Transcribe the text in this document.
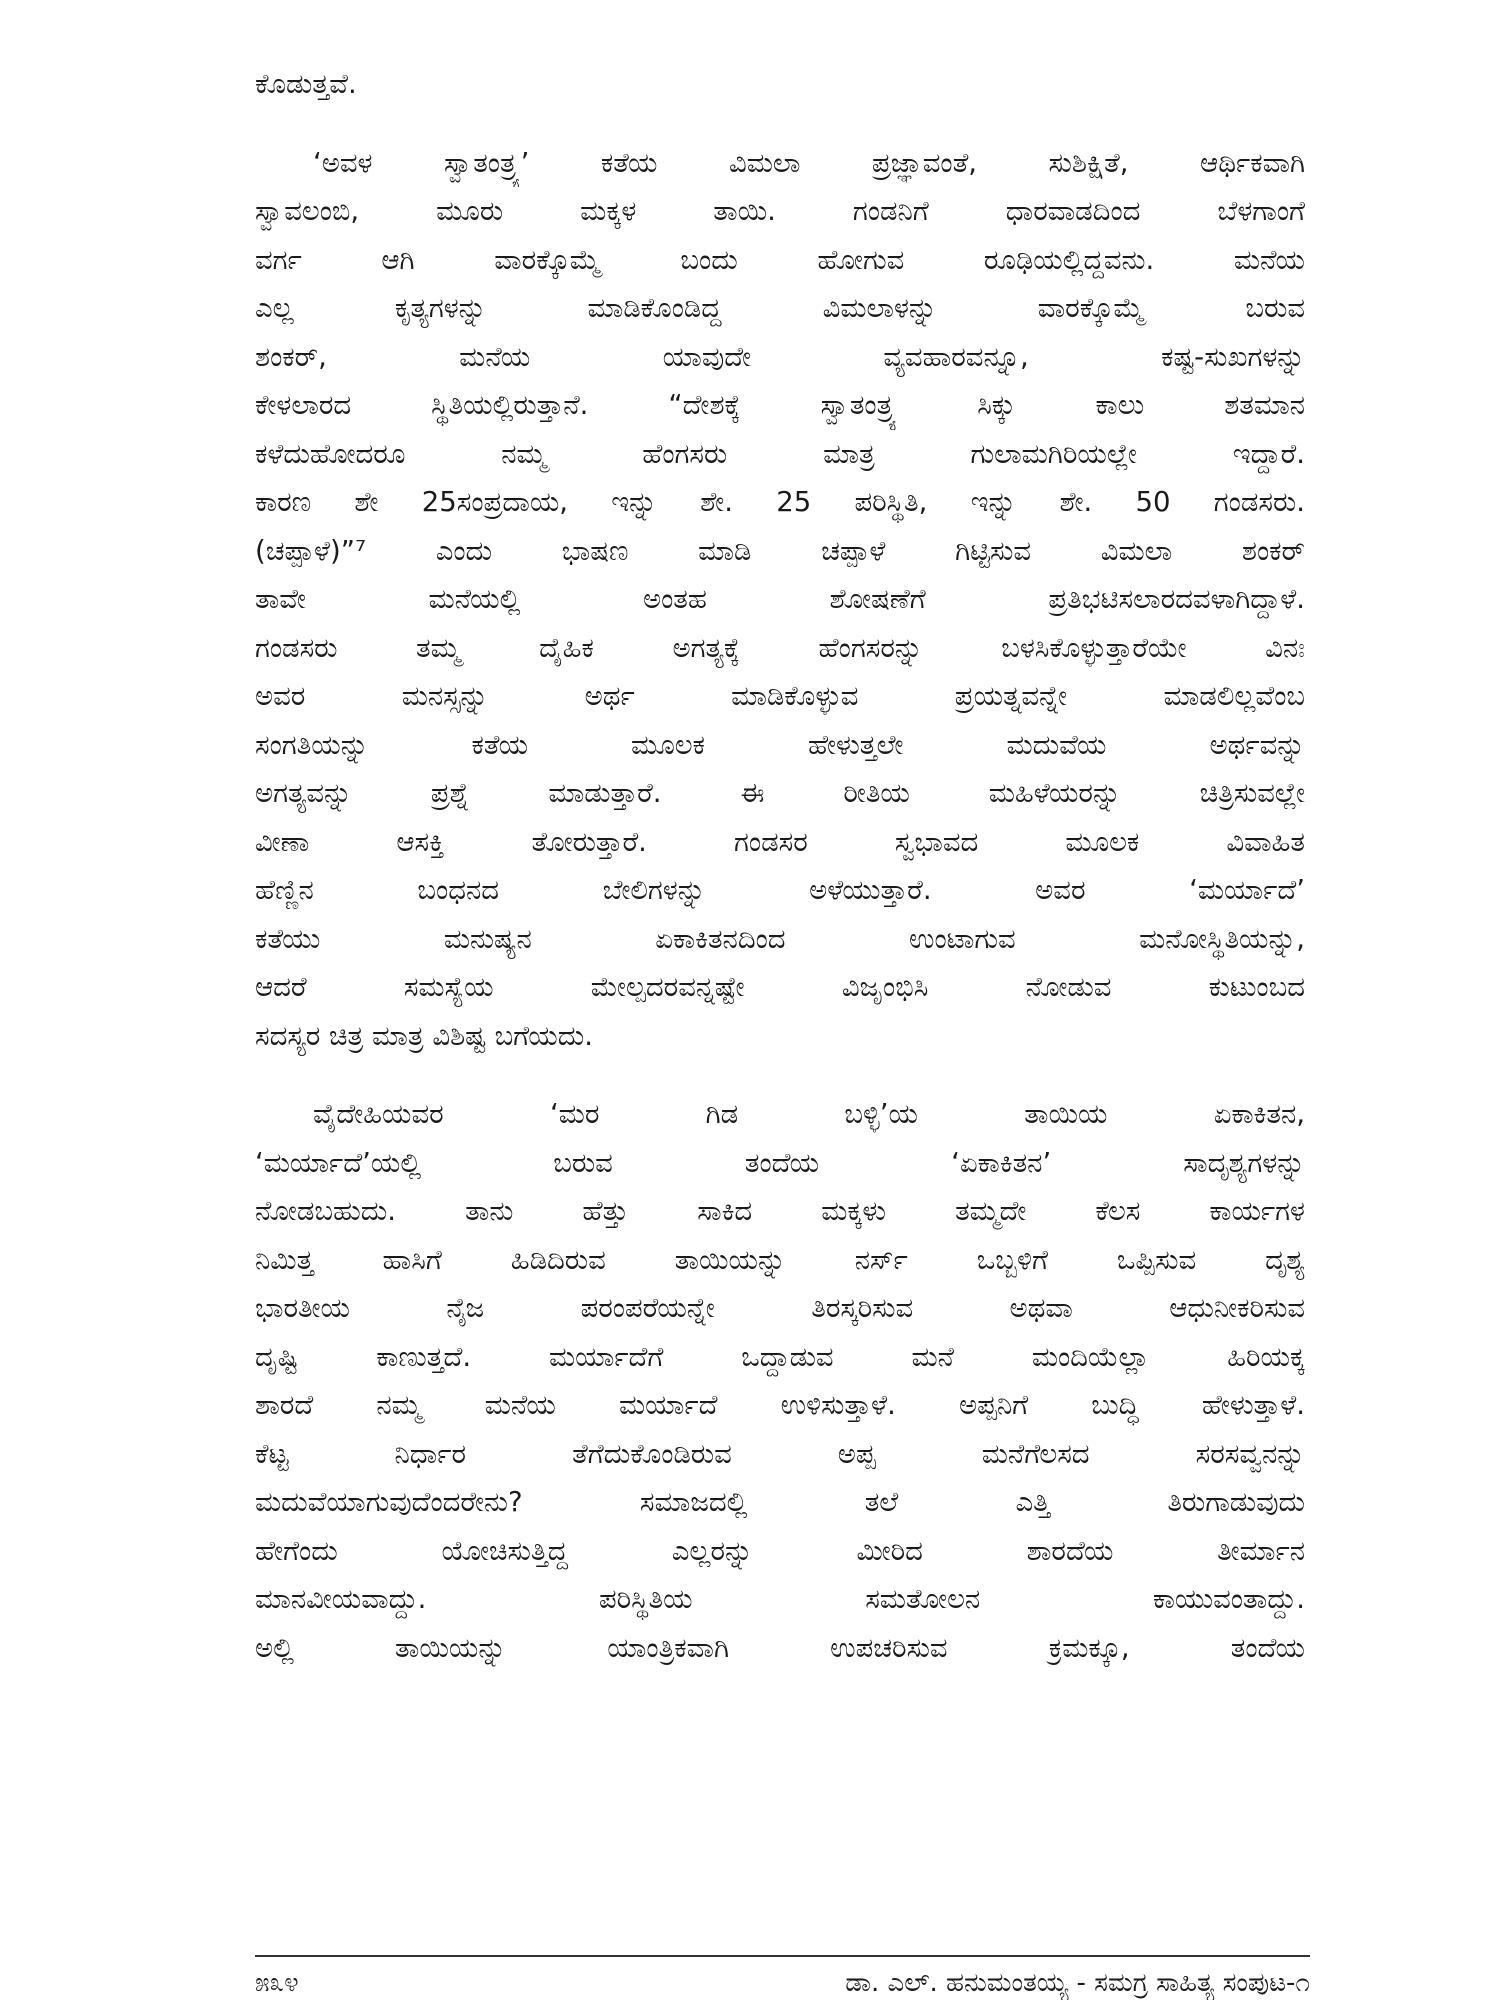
ಕೊಡುತ್ತವೆ.
‘ಅವಳ ಸ್ವಾತಂತ್ರ್ಯ’ ಕತೆಯ ವಿಮಲಾ ಪ್ರಜ್ಞಾವಂತೆ, ಸುಶಿಕ್ಷಿತೆ, ಆರ್ಥಿಕವಾಗಿ
ಸ್ವಾವಲಂಬಿ, ಮೂರು ಮಕ್ಕಳ ತಾಯಿ. ಗಂಡನಿಗೆ ಧಾರವಾಡದಿಂದ ಬೆಳಗಾಂಗೆ
ವರ್ಗ ಆಗಿ ವಾರಕ್ಕೊಮ್ಮೆ ಬಂದು ಹೋಗುವ ರೂಢಿಯಲ್ಲಿದ್ದವನು. ಮನೆಯ
ಎಲ್ಲ ಕೃತ್ಯಗಳನ್ನು ಮಾಡಿಕೊಂಡಿದ್ದ ವಿಮಲಾಳನ್ನು ವಾರಕ್ಕೊಮ್ಮೆ ಬರುವ
ಶಂಕರ್, ಮನೆಯ ಯಾವುದೇ ವ್ಯವಹಾರವನ್ನೂ, ಕಷ್ಟ-ಸುಖಗಳನ್ನು
ಕೇಳಲಾರದ ಸ್ಥಿತಿಯಲ್ಲಿರುತ್ತಾನೆ. “ದೇಶಕ್ಕೆ ಸ್ವಾತಂತ್ರ್ಯ ಸಿಕ್ಕು ಕಾಲು ಶತಮಾನ
ಕಳೆದುಹೋದರೂ ನಮ್ಮ ಹೆಂಗಸರು ಮಾತ್ರ ಗುಲಾಮಗಿರಿಯಲ್ಲೇ ಇದ್ದಾರೆ.
ಕಾರಣ ಶೇ 25ಸಂಪ್ರದಾಯ, ಇನ್ನು ಶೇ. 25 ಪರಿಸ್ಥಿತಿ, ಇನ್ನು ಶೇ. 50 ಗಂಡಸರು.
(ಚಪ್ಪಾಳೆ)”⁷ ಎಂದು ಭಾಷಣ ಮಾಡಿ ಚಪ್ಪಾಳೆ ಗಿಟ್ಟಿಸುವ ವಿಮಲಾ ಶಂಕರ್
ತಾವೇ ಮನೆಯಲ್ಲಿ ಅಂತಹ ಶೋಷಣೆಗೆ ಪ್ರತಿಭಟಿಸಲಾರದವಳಾಗಿದ್ದಾಳೆ.
ಗಂಡಸರು ತಮ್ಮ ದೈಹಿಕ ಅಗತ್ಯಕ್ಕೆ ಹೆಂಗಸರನ್ನು ಬಳಸಿಕೊಳ್ಳುತ್ತಾರೆಯೇ ವಿನಃ
ಅವರ ಮನಸ್ಸನ್ನು ಅರ್ಥ ಮಾಡಿಕೊಳ್ಳುವ ಪ್ರಯತ್ನವನ್ನೇ ಮಾಡಲಿಲ್ಲವೆಂಬ
ಸಂಗತಿಯನ್ನು ಕತೆಯ ಮೂಲಕ ಹೇಳುತ್ತಲೇ ಮದುವೆಯ ಅರ್ಥವನ್ನು
ಅಗತ್ಯವನ್ನು ಪ್ರಶ್ನೆ ಮಾಡುತ್ತಾರೆ. ಈ ರೀತಿಯ ಮಹಿಳೆಯರನ್ನು ಚಿತ್ರಿಸುವಲ್ಲೇ
ವೀಣಾ ಆಸಕ್ತಿ ತೋರುತ್ತಾರೆ. ಗಂಡಸರ ಸ್ವಭಾವದ ಮೂಲಕ ವಿವಾಹಿತ
ಹೆಣ್ಣಿನ ಬಂಧನದ ಬೇಲಿಗಳನ್ನು ಅಳೆಯುತ್ತಾರೆ. ಅವರ ‘ಮರ್ಯಾದೆ’
ಕತೆಯು ಮನುಷ್ಯನ ಏಕಾಕಿತನದಿಂದ ಉಂಟಾಗುವ ಮನೋಸ್ಥಿತಿಯನ್ನು,
ಆದರೆ ಸಮಸ್ಯೆಯ ಮೇಲ್ಪದರವನ್ನಷ್ಟೇ ವಿಜೃಂಭಿಸಿ ನೋಡುವ ಕುಟುಂಬದ
ಸದಸ್ಯರ ಚಿತ್ರ ಮಾತ್ರ ವಿಶಿಷ್ಟ ಬಗೆಯದು.
ವೈದೇಹಿಯವರ ‘ಮರ ಗಿಡ ಬಳ್ಳಿ’ಯ ತಾಯಿಯ ಏಕಾಕಿತನ,
‘ಮರ್ಯಾದೆ’ಯಲ್ಲಿ ಬರುವ ತಂದೆಯ ‘ಏಕಾಕಿತನ’ ಸಾದೃಶ್ಯಗಳನ್ನು
ನೋಡಬಹುದು. ತಾನು ಹೆತ್ತು ಸಾಕಿದ ಮಕ್ಕಳು ತಮ್ಮದೇ ಕೆಲಸ ಕಾರ್ಯಗಳ
ನಿಮಿತ್ತ ಹಾಸಿಗೆ ಹಿಡಿದಿರುವ ತಾಯಿಯನ್ನು ನರ್ಸ್ ಒಬ್ಬಳಿಗೆ ಒಪ್ಪಿಸುವ ದೃಶ್ಯ
ಭಾರತೀಯ ನೈಜ ಪರಂಪರೆಯನ್ನೇ ತಿರಸ್ಕರಿಸುವ ಅಥವಾ ಆಧುನೀಕರಿಸುವ
ದೃಷ್ಟಿ ಕಾಣುತ್ತದೆ. ಮರ್ಯಾದೆಗೆ ಒದ್ದಾಡುವ ಮನೆ ಮಂದಿಯೆಲ್ಲಾ ಹಿರಿಯಕ್ಕ
ಶಾರದೆ ನಮ್ಮ ಮನೆಯ ಮರ್ಯಾದೆ ಉಳಿಸುತ್ತಾಳೆ. ಅಪ್ಪನಿಗೆ ಬುದ್ಧಿ ಹೇಳುತ್ತಾಳೆ.
ಕೆಟ್ಟ ನಿರ್ಧಾರ ತೆಗೆದುಕೊಂಡಿರುವ ಅಪ್ಪ ಮನೆಗೆಲಸದ ಸರಸವ್ವನನ್ನು
ಮದುವೆಯಾಗುವುದೆಂದರೇನು? ಸಮಾಜದಲ್ಲಿ ತಲೆ ಎತ್ತಿ ತಿರುಗಾಡುವುದು
ಹೇಗೆಂದು ಯೋಚಿಸುತ್ತಿದ್ದ ಎಲ್ಲರನ್ನು ಮೀರಿದ ಶಾರದೆಯ ತೀರ್ಮಾನ
ಮಾನವೀಯವಾದ್ದು. ಪರಿಸ್ಥಿತಿಯ ಸಮತೋಲನ ಕಾಯುವಂತಾದ್ದು.
ಅಲ್ಲಿ ತಾಯಿಯನ್ನು ಯಾಂತ್ರಿಕವಾಗಿ ಉಪಚರಿಸುವ ಕ್ರಮಕ್ಕೂ, ತಂದೆಯ
೫೩೪	ಡಾ. ಎಲ್. ಹನುಮಂತಯ್ಯ - ಸಮಗ್ರ ಸಾಹಿತ್ಯ ಸಂಪುಟ-೧
